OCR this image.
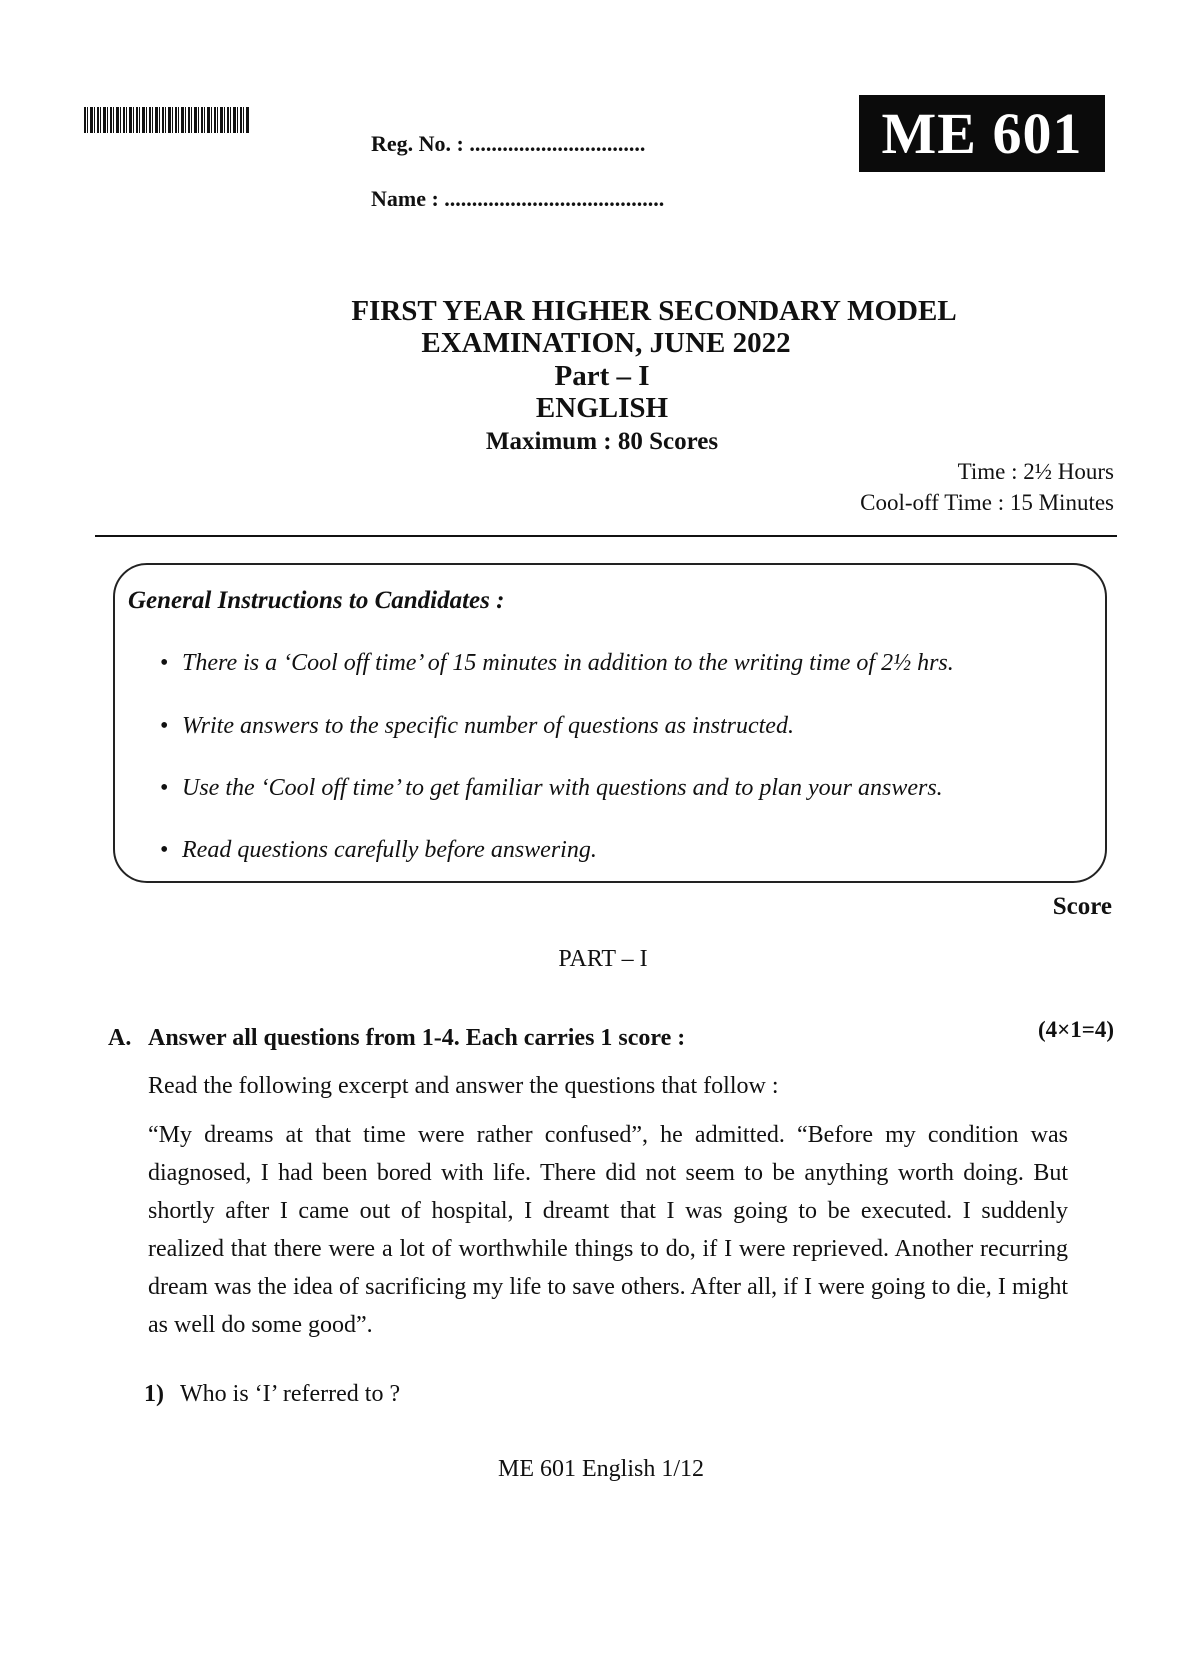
Reg. No. : ................................
Name : ........................................
ME 601
FIRST YEAR HIGHER SECONDARY MODEL
EXAMINATION, JUNE 2022
Part – I
ENGLISH
Maximum : 80 Scores
Time : 2½ Hours
Cool-off Time : 15 Minutes
General Instructions to Candidates :
• There is a ‘Cool off time’ of 15 minutes in addition to the writing time of 2½ hrs.
• Write answers to the specific number of questions as instructed.
• Use the ‘Cool off time’ to get familiar with questions and to plan your answers.
• Read questions carefully before answering.
Score
PART – I
A. Answer all questions from 1-4. Each carries 1 score :	(4×1=4)
Read the following excerpt and answer the questions that follow :
“My dreams at that time were rather confused”, he admitted. “Before my condition was diagnosed, I had been bored with life. There did not seem to be anything worth doing. But shortly after I came out of hospital, I dreamt that I was going to be executed. I suddenly realized that there were a lot of worthwhile things to do, if I were reprieved. Another recurring dream was the idea of sacrificing my life to save others. After all, if I were going to die, I might as well do some good”.
1) Who is ‘I’ referred to ?
ME 601 English 1/12
